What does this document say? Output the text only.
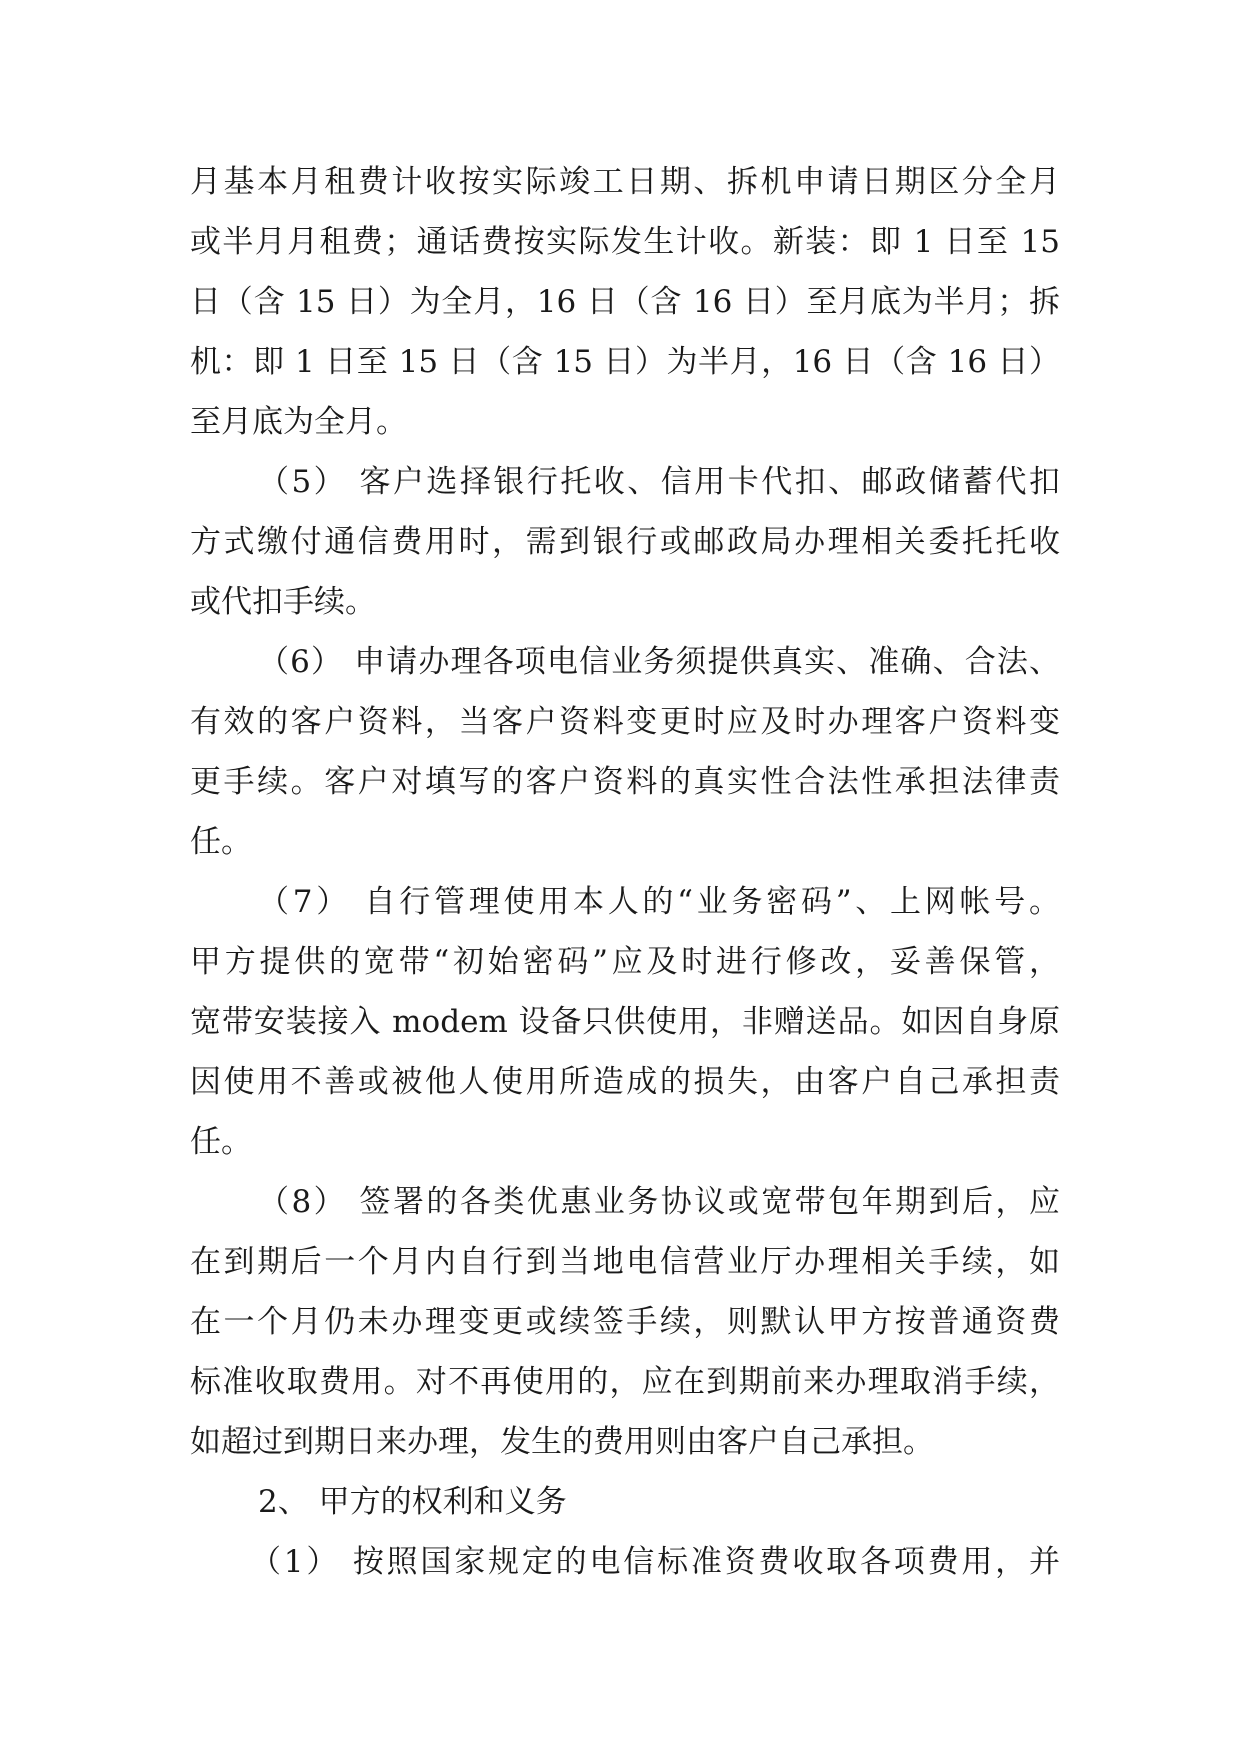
月基本月租费计收按实际竣工日期、拆机申请日期区分全月
或半月月租费；通话费按实际发生计收。新装：即 1 日至 15
日（含 15 日）为全月，16 日（含 16 日）至月底为半月；拆
机：即 1 日至 15 日（含 15 日）为半月，16 日（含 16 日）
至月底为全月。
（5） 客户选择银行托收、信用卡代扣、邮政储蓄代扣
方式缴付通信费用时，需到银行或邮政局办理相关委托托收
或代扣手续。
（6） 申请办理各项电信业务须提供真实、准确、合法、
有效的客户资料，当客户资料变更时应及时办理客户资料变
更手续。客户对填写的客户资料的真实性合法性承担法律责
任。
（7） 自行管理使用本人的“业务密码”、上网帐号。
甲方提供的宽带“初始密码”应及时进行修改，妥善保管，
宽带安装接入 modem 设备只供使用，非赠送品。如因自身原
因使用不善或被他人使用所造成的损失，由客户自己承担责
任。
（8） 签署的各类优惠业务协议或宽带包年期到后，应
在到期后一个月内自行到当地电信营业厅办理相关手续，如
在一个月仍未办理变更或续签手续，则默认甲方按普通资费
标准收取费用。对不再使用的，应在到期前来办理取消手续，
如超过到期日来办理，发生的费用则由客户自己承担。
2、 甲方的权利和义务
（1） 按照国家规定的电信标准资费收取各项费用，并
